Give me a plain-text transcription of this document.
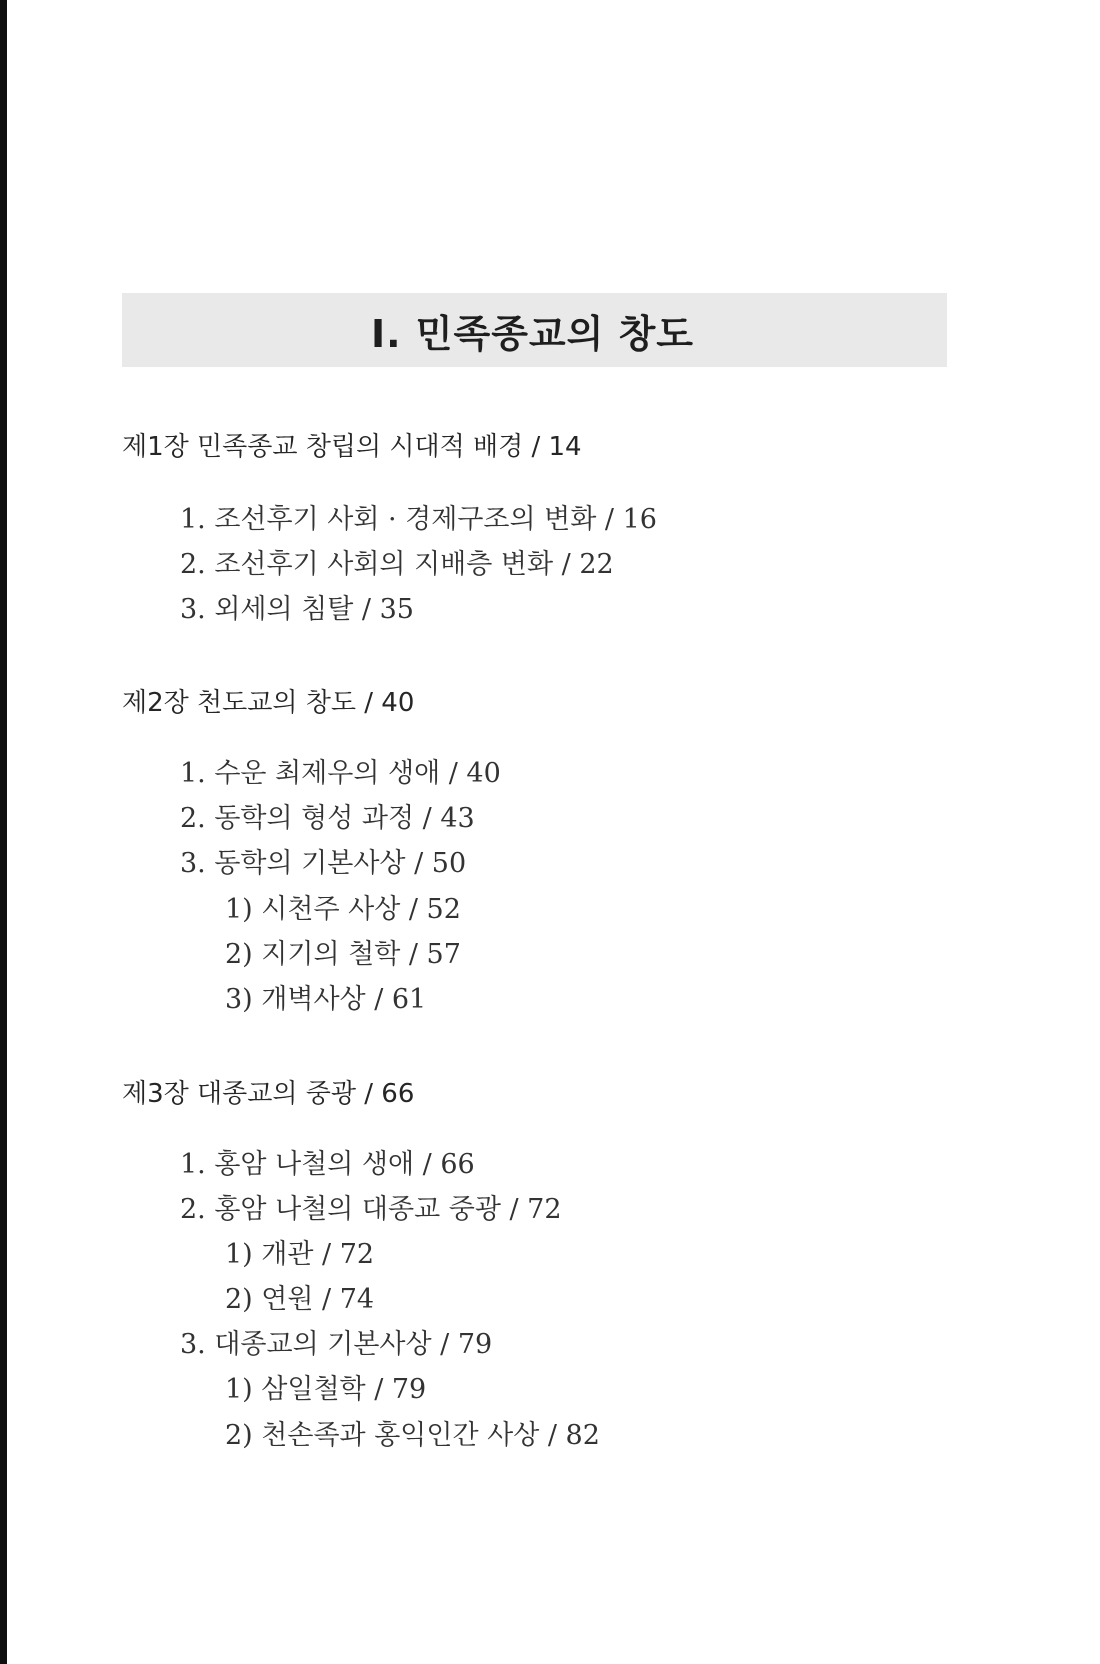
Ⅰ. 민족종교의 창도
제1장 민족종교 창립의 시대적 배경 / 14
1. 조선후기 사회 · 경제구조의 변화 / 16
2. 조선후기 사회의 지배층 변화 / 22
3. 외세의 침탈 / 35
제2장 천도교의 창도 / 40
1. 수운 최제우의 생애 / 40
2. 동학의 형성 과정 / 43
3. 동학의 기본사상 / 50
1) 시천주 사상 / 52
2) 지기의 철학 / 57
3) 개벽사상 / 61
제3장 대종교의 중광 / 66
1. 홍암 나철의 생애 / 66
2. 홍암 나철의 대종교 중광 / 72
1) 개관 / 72
2) 연원 / 74
3. 대종교의 기본사상 / 79
1) 삼일철학 / 79
2) 천손족과 홍익인간 사상 / 82
